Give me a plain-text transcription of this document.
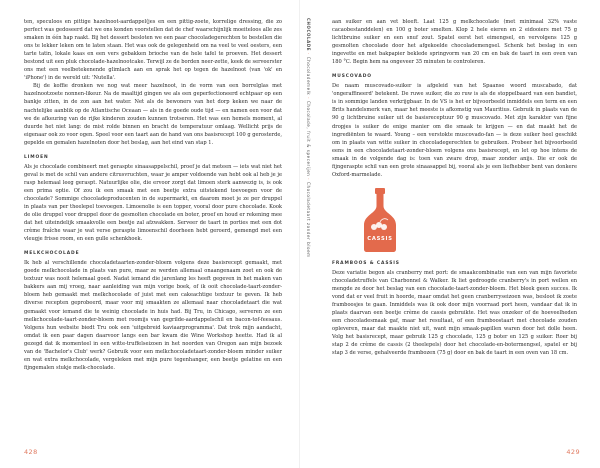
ten, speculoos en pittige hazelnoot-aardappel(jes en een pittig-zoete, korrelige dressing, die zo perfect was gedoseerd dat we ons konden voorstellen dat de chef waarschijnlijk moeiteloos alle zes smaken in één hap raakt. Bij het dessert besloten we een paar chocoladegerechten te bestellen die ons te lekker leken om te laten staan. Het was ook de gelegenheid om na veel te veel oesters, een tarte tatin, lokale kaas en een vers gebakken brioche van de hele tafel te proeven. Het dessert bestond uit een pluk chocolade-hazelnootcake. Terwijl ze de borden neer-zette, keek de serveerster ons met een veelbetekenende glimlach aan en sprak het op tegen de hazelnoot (van 'ok' en 'iPhone') in de wereld uit: 'Nutella'.

Bij de koffie dronken we nog wat meer hazelnoot, in de vorm van een borrelglas met hazelnootzoete nonnen-likeur. Na de maaltijd gingen we als een geperfectioneerd echtpaar op een bankje zitten, in de zon aan het water. Net als de bewoners van het dorp keken we naar de nachtelijke aanblik op de Atlantische Oceaan — als in de goede oude tijd — en namen een voor dat we de afkeuring van de rijke kinderen zouden kunnen trotseren. Het was een hemels moment, al duurde het niet lang: de mist rolde binnen en bracht de temperatuur omlaag. Wellicht prijs de eigenaar ook zo voor ogen. Speel voor een taart aan de hand van ons basisrecept 100 g gerosterde, gepelde en gemalen hazelnoten door het beslag, aan het eind van stap 1.

LIMOEN

Als je chocolade combineert met geraspte sinaasappelschil, proef je dat meteen — iets wat niet het geval is met de schil van andere citrusvruchten, waar je amper voldoende van hebt ook al heb je je rasp helemaal leeg geraspt. Natuurlijke olie, die ervoor zorgt dat limoen sterk aanwezig is, is ook een prima optie. Of zou ik een smaak met een beetje extra uitstekend toevoegen voor de chocolade? Sommige chocoladeproducenten in de supermarkt, en daarom moet je ze per druppel in plaats van per theelepel toevoegen. Limoenolie is een topper, vooral door pure chocolade. Kook de olie druppel voor druppel door de gesmolten chocolade en boter, proef en houd er rekening mee dat het uiteindelijk smaakvolle een beetje zal afzwakken. Serveer de taart in porties met een dot crème fraîche waar je wat verse geraspte limoenschil doorheen hebt geroerd, gemengd met een vleugje frisse room, en een gulle schenkhoek.

MELKCHOCOLADE

Ik heb al verschillende chocoladetaarten-zonder-bloem volgens deze basisrecept gemaakt, met goede melkchocolade in plaats van pure, maar ze werden allemaal onaangenaam zoet en ook de textuur was nooit helemaal goed. Nadat iemand die jarenlang les heeft gegeven in het maken van bakkers aan mij vroeg, naar aanleiding van mijn vorige boek, of ik ooit chocolade-taart-zonder-bloem heb gemaakt met melkchocolade of juist met een cakeachtige textuur te geven. Ik heb diverse recepten geprobeerd, maar voor mij smaakten ze allemaal naar chocoladetaart die wat gemaakt voor iemand die te weinig chocolade in huis had. Bij Tru, in Chicago, serveren ze een melkchocolade-taart-zonder-bloem met roomijs van gegrilde-aardappelschil en bacon-tof-feesaus. Volgens hun website biedt Tru ook een 'uitgebreid kaviaarprogramma'. Dat trok mijn aandacht, omdat ik een paar dagen daarvoor langs een bar kwam die Wine Workshop heette. Had ik al gezegd dat ik momenteel in een witte-truffelseizoen in het noorden van Oregon aan mijn bezoek van de 'Bachelor's Club' werk? Gebruik voor een melkchocoladetaart-zonder-bloem minder suiker en wat extra melkchocolade, vergeleken met mijn pure tegenhanger, een beetje gelatine en een fijngemalen stukje melk-chocolade.

428
CHOCOLADE · Chocolademelk · Chocolade, fruit & specerijen · Chocoladetaart zonder bloem

aan suiker en aan vet bleeft. Laat 125 g melkchocolade (met minimaal 32% vaste cacaobestanddelen) en 100 g boter smelten. Klop 2 hele eieren en 2 eidooiers met 75 g lichtbruine suiker en een snuf zout. Spatel eerst het eimengsel, en vervolgens 125 g gesmolten chocolade door het afgekoelde chocolademengsel. Schenk het beslag in een ingevette en met bakpapier beklede springvorm van 20 cm en bak de taart in een oven van 180 °C. Begin hem na ongeveer 35 minuten te controleren.

MUSCOVADO

De naam muscovado-suiker is afgeleid van het Spaanse woord muscabado, dat 'ongeraffineerd' betekent. De ruwe suiker, die zo ruw is als de stoppelbaard van een bandiet, is in sommige landen verkrijgbaar. In de VS is het er bijvoorbeeld inmiddels een term en een Brits handelsmerk van, maar het meeste is afkomstig van Mauritius. Gebruik in plaats van de 90 g lichtbruine suiker uit de basisreceptuur 90 g muscovado. Met zijn karakter van fijne dropjes is suiker de enige manier om die smaak te krijgen — en dat maakt het de ingrediënten te waard. Young – een verstokte muscovado-fan — is deze suiker heel geschikt om in plaats van witte suiker in chocoladegerechten te gebruiken. Probeer het bijvoorbeeld eens in een chocoladetaart-zonder-bloem volgens ons basisrecept, en let op hoe intens de smaak in de volgende dag is: toen van zware drop, maar zonder anijs. Die er ook de fijngeraspte schil van een grote sinaasappel bij, vooral als je een liefhebber bent van donkere Oxford-marmelade.

CASSIS
FRAMBOOS & CASSIS

Deze variatie begon als cranberry met port: de smaakcombinatie van een van mijn favoriete chocoladetruffels van Charbonnel & Walker. Ik liet gedroogde cranberry's in port wellen en mengde ze door het beslag van een chocolade-taart-zonder-bloem. Het bleek geen succes. Ik vond dat er veel fruit in hoorde, maar omdat het geen cranberryseizoen was, besloot ik zoete framboosjes te gaan. Inmiddels was ik ook door mijn voorraad port heen, vandaar dat ik in plaats daarvan een beetje crème de cassis gebruikte. Het was onzeker of de hoeveelheden een chocoladesmaak gaf, maar het resultaat, of een framboostaart met chocolade zouden opleveren, maar dat maakte niet uit, want mijn smaak-papillen waren door het dolle heen. Volg het basisrecept, maar gebruik 125 g chocolade, 125 g boter en 125 g suiker. Roer bij stap 2 de crème de cassis (2 theelepels) door het chocolade-en-botermengsel, spatel er bij stap 3 de verse, gehalveerde frambozen (75 g) door en bak de taart in een oven van 18 cm.

429
